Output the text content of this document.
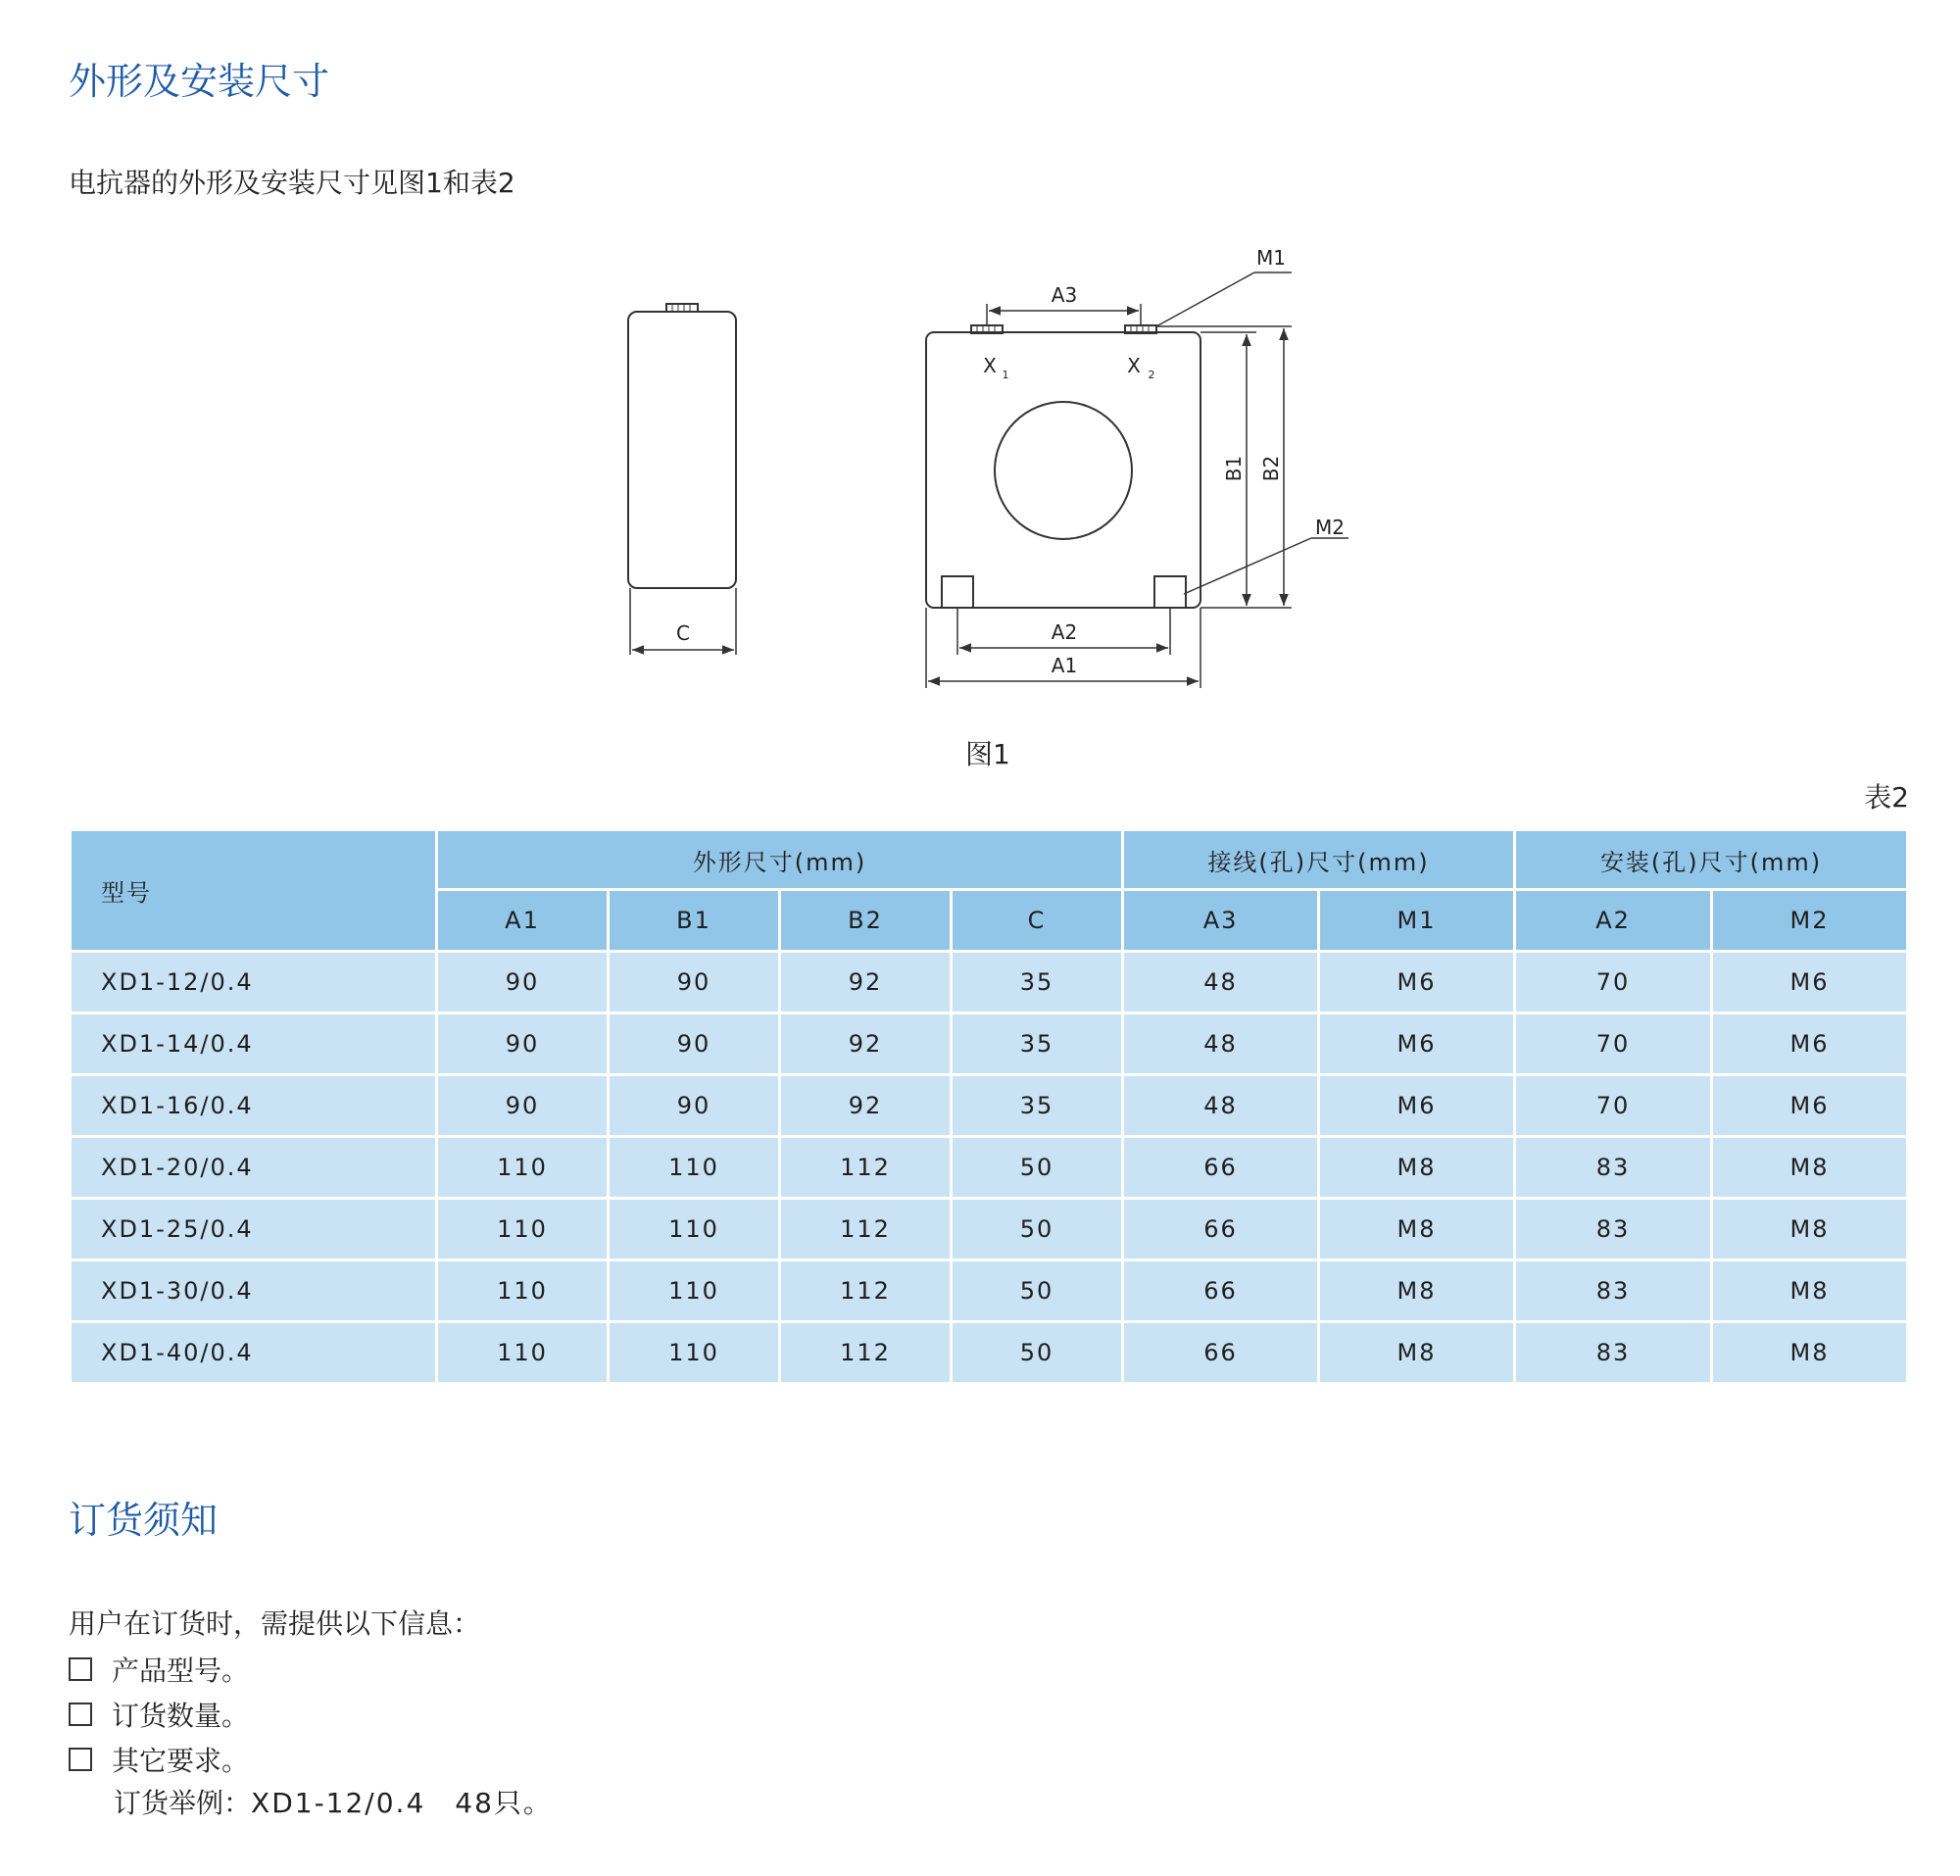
外形及安装尺寸
电抗器的外形及安装尺寸见图1和表2
C
A3
M1
X 1	X 2
B1 B2
M2
A2
A1
图1
表2
型号	外形尺寸(mm)				接线(孔)尺寸(mm)		安装(孔)尺寸(mm)	
	A1	B1	B2	C	A3	M1	A2	M2
XD1-12/0.4	90	90	92	35	48	M6	70	M6
XD1-14/0.4	90	90	92	35	48	M6	70	M6
XD1-16/0.4	90	90	92	35	48	M6	70	M6
XD1-20/0.4	110	110	112	50	66	M8	83	M8
XD1-25/0.4	110	110	112	50	66	M8	83	M8
XD1-30/0.4	110	110	112	50	66	M8	83	M8
XD1-40/0.4	110	110	112	50	66	M8	83	M8
订货须知
用户在订货时，需提供以下信息：
产品型号。
订货数量。
其它要求。
订货举例：XD1-12/0.4　48只。
